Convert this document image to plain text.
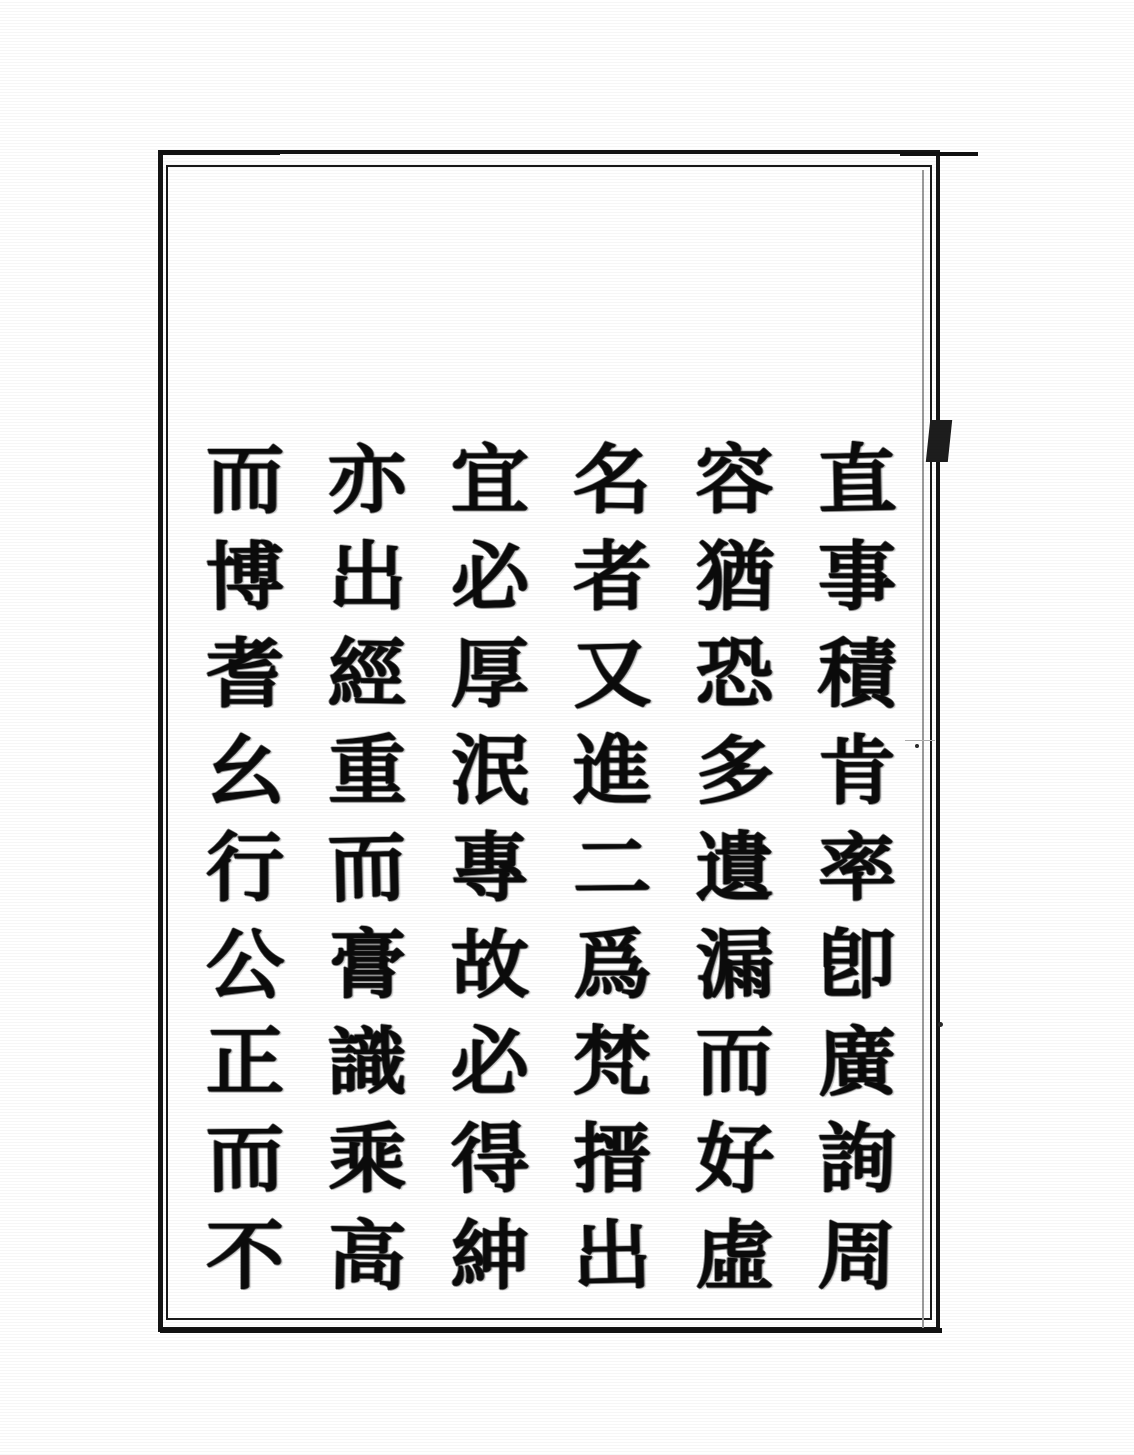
直
事
積
肯
率
卽
廣
詢
周
容
猶
恐
多
遺
漏
而
好
虛
名
者
又
進
二
爲
梵
搢
出
宜
必
厚
泯
專
故
必
得
紳
亦
出
經
重
而
膏
識
乘
高
而
博
耆
幺
行
公
正
而
不
